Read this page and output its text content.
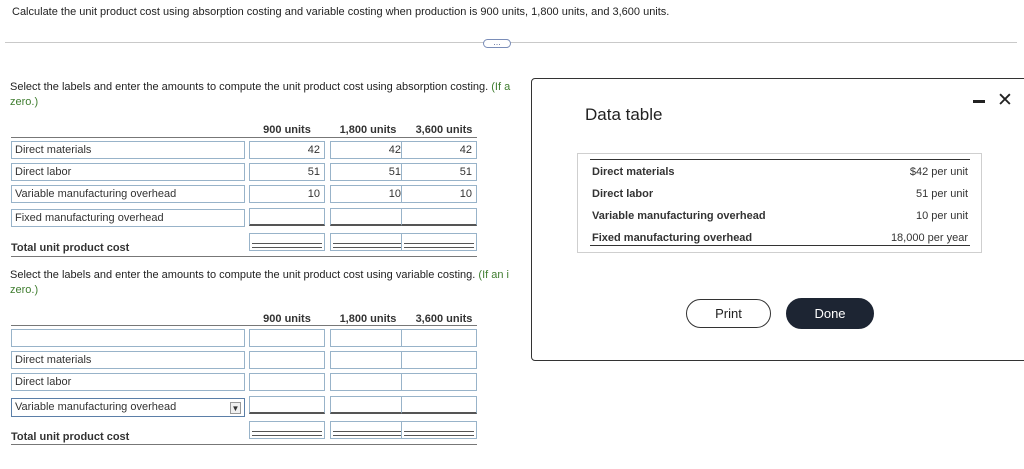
Calculate the unit product cost using absorption costing and variable costing when production is 900 units, 1,800 units, and 3,600 units.
…
Select the labels and enter the amounts to compute the unit product cost using absorption costing. (If a
zero.)
900 units	1,800 units	3,600 units
Direct materials	42	42	42
Direct labor	51	51	51
Variable manufacturing overhead	10	10	10
Fixed manufacturing overhead
Total unit product cost
Select the labels and enter the amounts to compute the unit product cost using variable costing. (If an i
zero.)
900 units	1,800 units	3,600 units
Direct materials
Direct labor
Variable manufacturing overhead	▼
Total unit product cost
Data table
✕
Direct materials	$42 per unit
Direct labor	51 per unit
Variable manufacturing overhead	10 per unit
Fixed manufacturing overhead	18,000 per year
Print	Done
